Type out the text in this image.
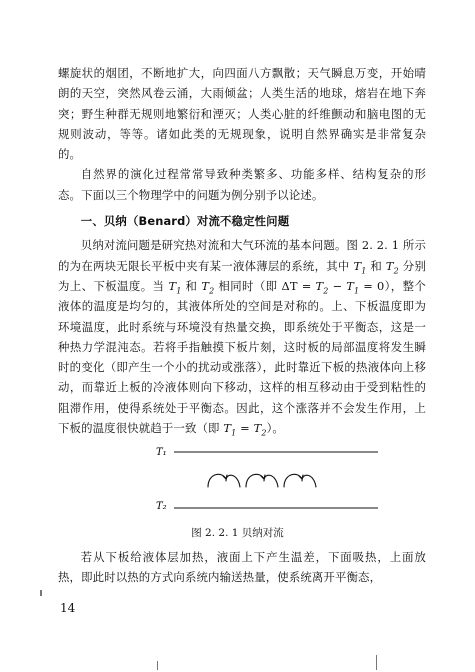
螺旋状的烟团，不断地扩大，向四面八方飘散；天气瞬息万变，开始晴朗的天空，突然风卷云涌，大雨倾盆；人类生活的地球，熔岩在地下奔突；野生种群无规则地繁衍和湮灭；人类心脏的纤维颤动和脑电图的无规则波动，等等。诸如此类的无规现象，说明自然界确实是非常复杂的。

自然界的演化过程常常导致种类繁多、功能多样、结构复杂的形态。下面以三个物理学中的问题为例分别予以论述。

一、贝纳（Benard）对流不稳定性问题

贝纳对流问题是研究热对流和大气环流的基本问题。图 2. 2. 1 所示的为在两块无限长平板中夹有某一液体薄层的系统，其中 $T_1$ 和 $T_2$ 分别为上、下板温度。当 $T_1$ 和 $T_2$ 相同时（即 $\Delta T = T_2 - T_1 = 0$），整个液体的温度是均匀的，其液体所处的空间是对称的。上、下板温度即为环境温度，此时系统与环境没有热量交换，即系统处于平衡态，这是一种热力学混沌态。若将手指触摸下板片刻，这时板的局部温度将发生瞬时的变化（即产生一个小的扰动或涨落），此时靠近下板的热液体向上移动，而靠近上板的冷液体则向下移动，这样的相互移动由于受到粘性的阻滞作用，使得系统处于平衡态。因此，这个涨落并不会发生作用，上下板的温度很快就趋于一致（即 $T_1 = T_2$）。

T₁
T₂
图 2. 2. 1 贝纳对流

若从下板给液体层加热，液面上下产生温差，下面吸热，上面放热，即此时以热的方式向系统内输送热量，使系统离开平衡态，

14
